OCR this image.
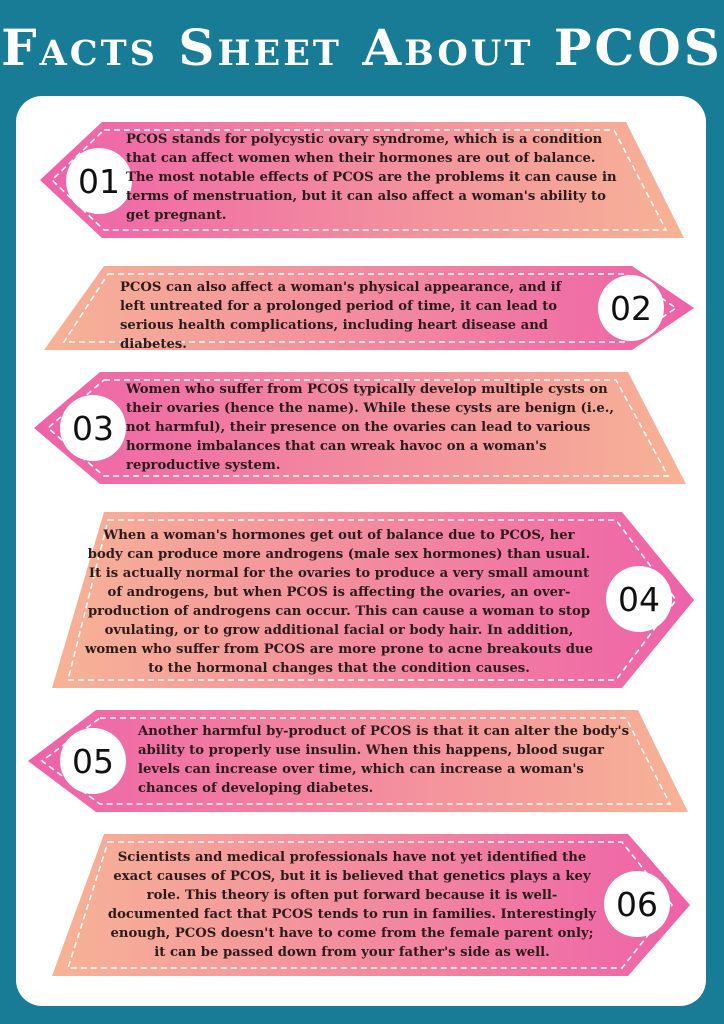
Facts Sheet About PCOS
01
PCOS stands for polycystic ovary syndrome, which is a condition that can affect women when their hormones are out of balance. The most notable effects of PCOS are the problems it can cause in terms of menstruation, but it can also affect a woman's ability to get pregnant.
02
PCOS can also affect a woman's physical appearance, and if left untreated for a prolonged period of time, it can lead to serious health complications, including heart disease and diabetes.
03
Women who suffer from PCOS typically develop multiple cysts on their ovaries (hence the name). While these cysts are benign (i.e., not harmful), their presence on the ovaries can lead to various hormone imbalances that can wreak havoc on a woman's reproductive system.
04
When a woman's hormones get out of balance due to PCOS, her body can produce more androgens (male sex hormones) than usual. It is actually normal for the ovaries to produce a very small amount of androgens, but when PCOS is affecting the ovaries, an over-production of androgens can occur. This can cause a woman to stop ovulating, or to grow additional facial or body hair. In addition, women who suffer from PCOS are more prone to acne breakouts due to the hormonal changes that the condition causes.
05
Another harmful by-product of PCOS is that it can alter the body's ability to properly use insulin. When this happens, blood sugar levels can increase over time, which can increase a woman's chances of developing diabetes.
06
Scientists and medical professionals have not yet identified the exact causes of PCOS, but it is believed that genetics plays a key role. This theory is often put forward because it is well-documented fact that PCOS tends to run in families. Interestingly enough, PCOS doesn't have to come from the female parent only; it can be passed down from your father's side as well.
